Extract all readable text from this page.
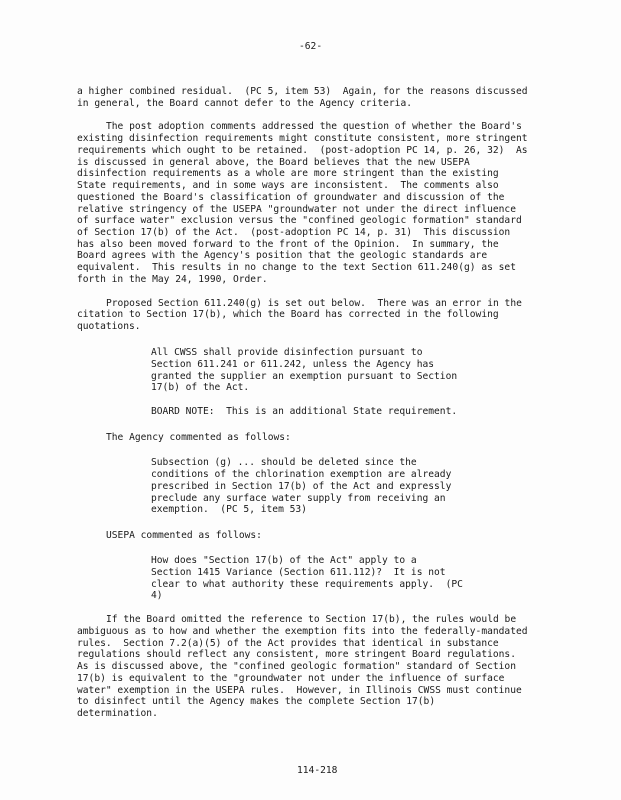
-62-
a higher combined residual.  (PC 5, item 53)  Again, for the reasons discussed
in general, the Board cannot defer to the Agency criteria.
The post adoption comments addressed the question of whether the Board's
existing disinfection requirements might constitute consistent, more stringent
requirements which ought to be retained.  (post-adoption PC 14, p. 26, 32)  As
is discussed in general above, the Board believes that the new USEPA
disinfection requirements as a whole are more stringent than the existing
State requirements, and in some ways are inconsistent.  The comments also
questioned the Board's classification of groundwater and discussion of the
relative stringency of the USEPA "groundwater not under the direct influence
of surface water" exclusion versus the "confined geologic formation" standard
of Section 17(b) of the Act.  (post-adoption PC 14, p. 31)  This discussion
has also been moved forward to the front of the Opinion.  In summary, the
Board agrees with the Agency's position that the geologic standards are
equivalent.  This results in no change to the text Section 611.240(g) as set
forth in the May 24, 1990, Order.
Proposed Section 611.240(g) is set out below.  There was an error in the
citation to Section 17(b), which the Board has corrected in the following
quotations.
All CWSS shall provide disinfection pursuant to
Section 611.241 or 611.242, unless the Agency has
granted the supplier an exemption pursuant to Section
17(b) of the Act.
BOARD NOTE:  This is an additional State requirement.
The Agency commented as follows:
Subsection (g) ... should be deleted since the
conditions of the chlorination exemption are already
prescribed in Section 17(b) of the Act and expressly
preclude any surface water supply from receiving an
exemption.  (PC 5, item 53)
USEPA commented as follows:
How does "Section 17(b) of the Act" apply to a
Section 1415 Variance (Section 611.112)?  It is not
clear to what authority these requirements apply.  (PC
4)
If the Board omitted the reference to Section 17(b), the rules would be
ambiguous as to how and whether the exemption fits into the federally-mandated
rules.  Section 7.2(a)(5) of the Act provides that identical in substance
regulations should reflect any consistent, more stringent Board regulations.
As is discussed above, the "confined geologic formation" standard of Section
17(b) is equivalent to the "groundwater not under the influence of surface
water" exemption in the USEPA rules.  However, in Illinois CWSS must continue
to disinfect until the Agency makes the complete Section 17(b)
determination.
114-218
